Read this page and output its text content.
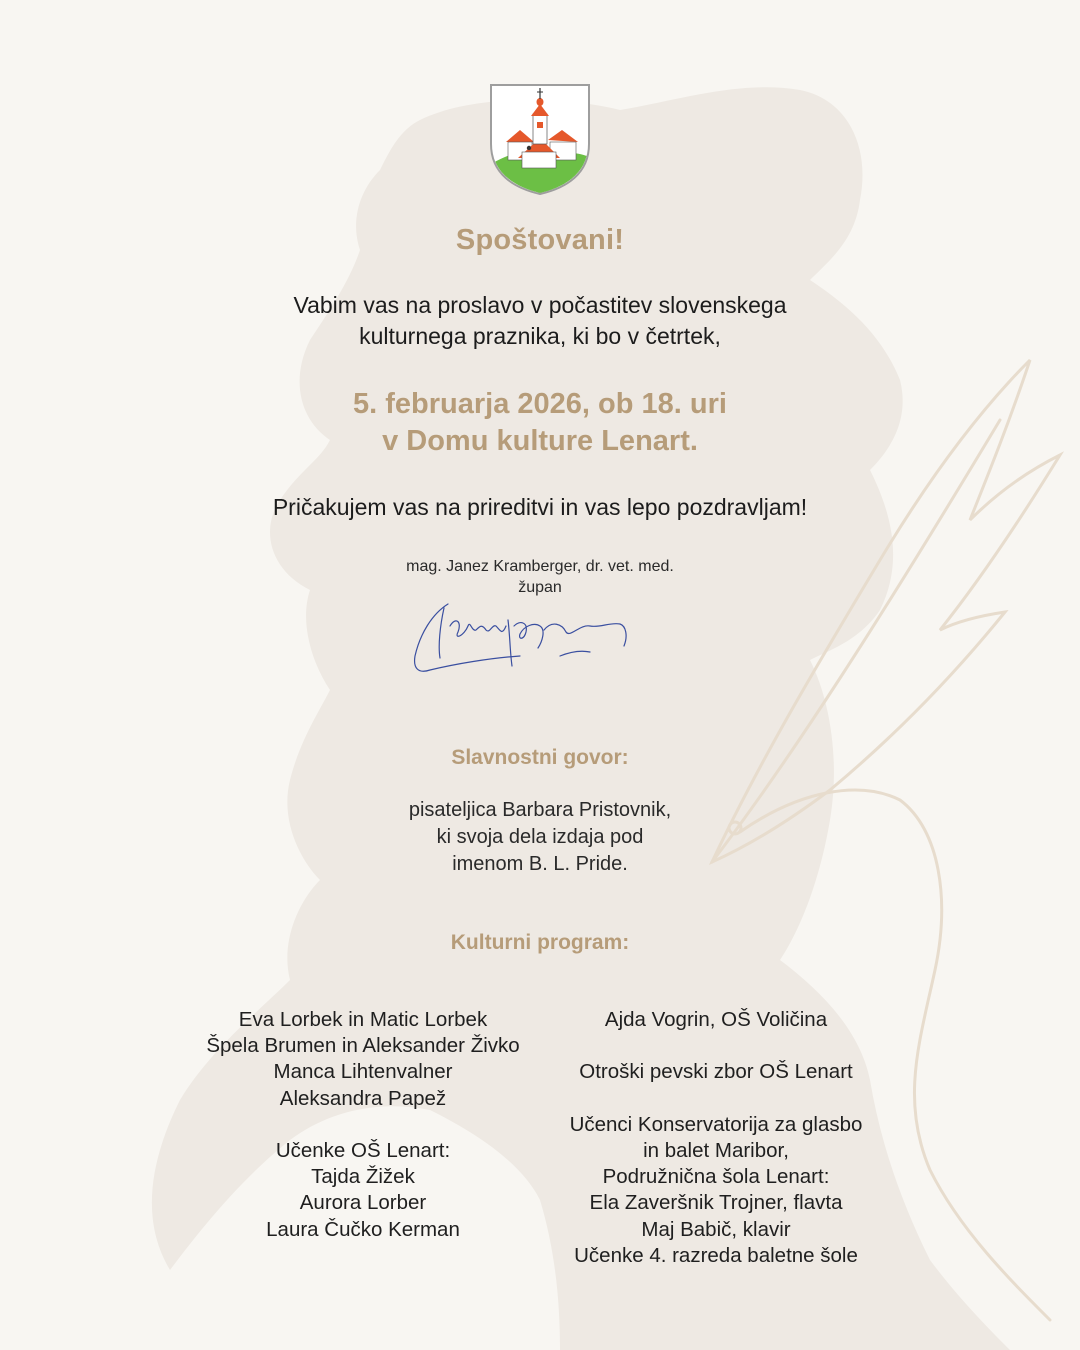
Spoštovani!
Vabim vas na proslavo v počastitev slovenskega
kulturnega praznika, ki bo v četrtek,
5. februarja 2026, ob 18. uri
v Domu kulture Lenart.
Pričakujem vas na prireditvi in vas lepo pozdravljam!
mag. Janez Kramberger, dr. vet. med.
župan
Slavnostni govor:
pisateljica Barbara Pristovnik,
ki svoja dela izdaja pod
imenom B. L. Pride.
Kulturni program:
Eva Lorbek in Matic Lorbek
Špela Brumen in Aleksander Živko
Manca Lihtenvalner
Aleksandra Papež
Učenke OŠ Lenart:
Tajda Žižek
Aurora Lorber
Laura Čučko Kerman
Ajda Vogrin, OŠ Voličina
Otroški pevski zbor OŠ Lenart
Učenci Konservatorija za glasbo
in balet Maribor,
Podružnična šola Lenart:
Ela Zaveršnik Trojner, flavta
Maj Babič, klavir
Učenke 4. razreda baletne šole
